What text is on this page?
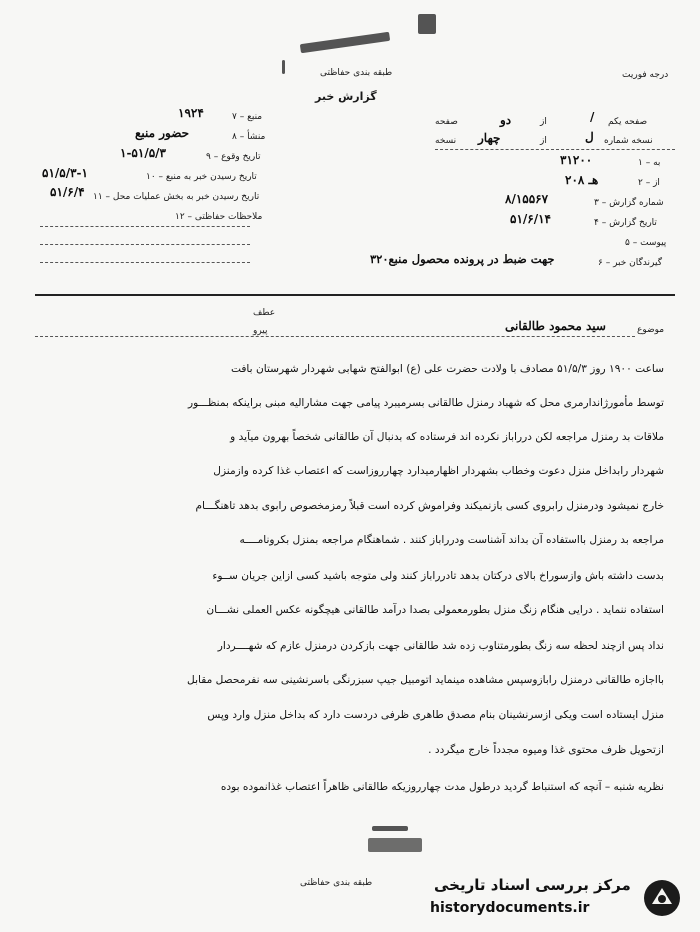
درجه فوریت
طبقه بندی حفاظتی
گزارش خبر
صفحه یکم
/
از
دو
صفحه
نسخه شماره
ل
از
چهار
نسخه
۱ – به
۳۱۲۰۰
۲ – از
۲۰۸ هـ
۳ – شماره گزارش
۸/۱۵۵۶۷
۴ – تاریخ گزارش
۵۱/۶/۱۴
۵ – پیوست
۶ – گیرندگان خبر
۳۲۰جهت ضبط در پرونده محصول منبع
۷ – منبع
۱۹۲۴
۸ – منشأ
حضور منبع
۹ – تاریخ وقوع
۱-۵۱/۵/۳
۱۰ – تاریخ رسیدن خبر به منبع
۵۱/۵/۳-۱
۱۱ – تاریخ رسیدن خبر به بخش عملیات محل
۵۱/۶/۴
۱۲ – ملاحظات حفاظتی
موضوع
سید محمود طالقانی
عطف
پیرو
ساعت ۱۹۰۰ روز ۵۱/۵/۳ مصادف با ولادت حضرت علی (ع) ابوالفتح شهابی شهردار شهرستان بافت
توسط مأمورژاندارمری محل که شهباد رمنزل طالقانی بسرمیبرد پیامی جهت مشارالیه مبنی براینکه بمنظـــور
ملاقات بد رمنزل مراجعه لکن درراباز نکرده اند فرستاده که بدنبال آن طالقانی شخصاً بهرون میآید و
شهردار رابداخل منزل دعوت وخطاب بشهردار اظهارمیدارد چهارروزاست که اعتصاب غذا کرده وازمنزل
خارج نمیشود ودرمنزل رابروی کسی بازنمیکند وفراموش کرده است قبلاً رمزمخصوص رابوی بدهد تاهنگـــام
مراجعه بد رمنزل بااستفاده آن بداند آشناست ودرراباز کنند . شماهنگام مراجعه بمنزل بکرونامــــه
بدست داشته باش وازسوراخ بالای درکتان بدهد تادرراباز کنند ولی متوجه باشید کسی ازاین جریان ســوء
استفاده ننماید . درایی هنگام زنگ منزل بطورمعمولی بصدا درآمد طالقانی هیچگونه عکس العملی نشـــان
نداد پس ازچند لحظه سه زنگ بطورمتناوب زده شد طالقانی جهت بازکردن درمنزل عازم که شهــــردار
بااجازه طالقانی درمنزل رابازوسپس مشاهده مینماید اتومبیل جیپ سبزرنگی باسرنشینی سه نفرمحصل مقابل
منزل ایستاده است ویکی ازسرنشینان بنام مصدق طاهری ظرفی دردست دارد که بداخل منزل وارد وپس
ازتحویل ظرف محتوی غذا ومیوه مجدداً خارج میگردد .
نظریه شنبه – آنچه که استنباط گردید درطول مدت چهارروزیکه طالقانی ظاهراً اعتصاب غذانموده بوده
طبقه بندی حفاظتی	مرکز بررسی اسناد تاریخی
historydocuments.ir
